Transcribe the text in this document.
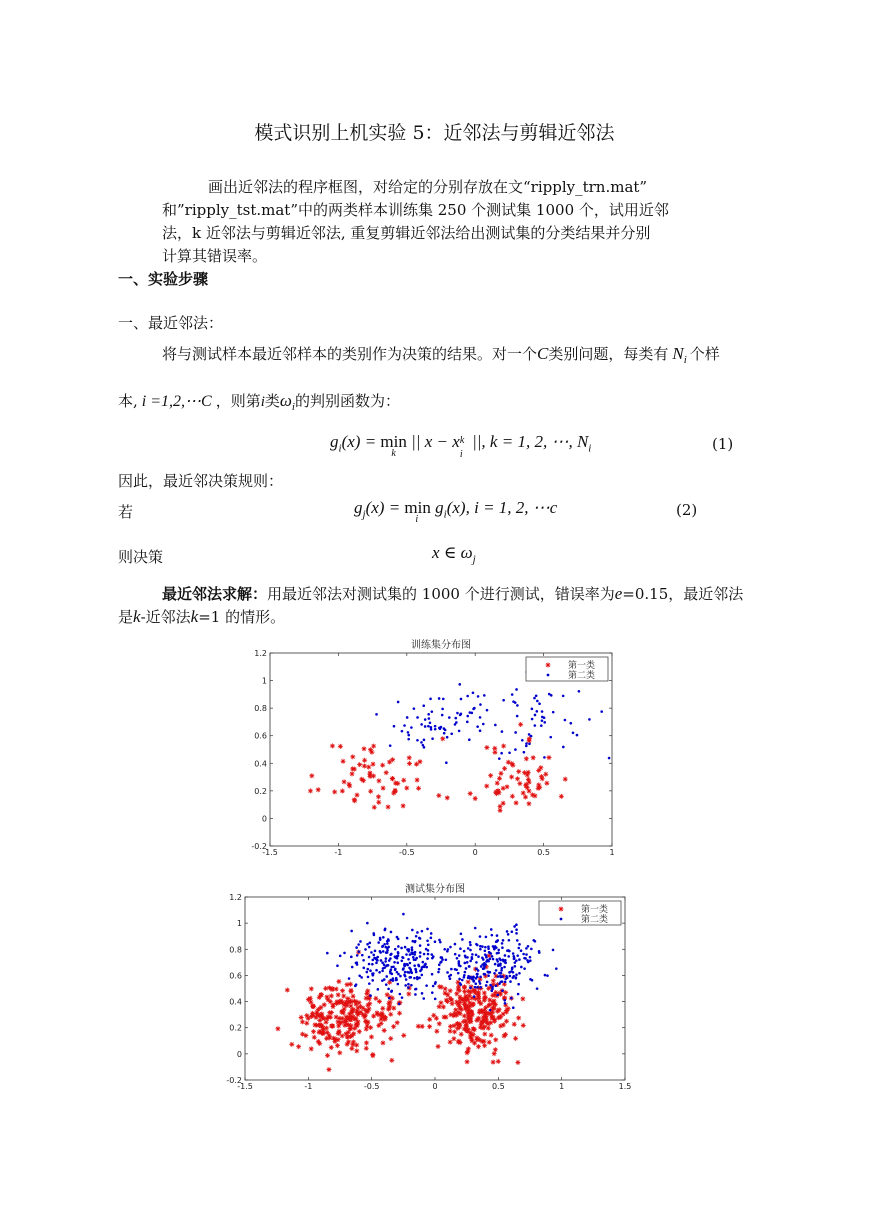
模式识别上机实验 5：近邻法与剪辑近邻法
画出近邻法的程序框图，对给定的分别存放在文“ripply_trn.mat”
和”ripply_tst.mat”中的两类样本训练集 250 个测试集 1000 个，试用近邻
法，k 近邻法与剪辑近邻法, 重复剪辑近邻法给出测试集的分类结果并分别
计算其错误率。
一、实验步骤
一、最近邻法：
将与测试样本最近邻样本的类别作为决策的结果。对一个C类别问题，每类有 $N_i$ 个样
本, i =1,2,⋯C ，则第i类$\omega_i$的判别函数为：
$g_i(x) = \min$
k
|| x − x k
i
||, k = 1, 2, ⋯, $N_i$	(1)
因此，最近邻决策规则：
若	$g_j(x) = \min$
i
$g_i(x)$, i = 1, 2, ⋯c	(2)
则决策	x ∈ $\omega_j$
最近邻法求解：用最近邻法对测试集的 1000 个进行测试，错误率为e=0.15，最近邻法
是k-近邻法k=1 的情形。
训练集分布图
-1.5	-1	-0.5	0	0.5	1
1.2
1
0.8
0.6
0.4
0.2
0
-0.2
第一类
第二类
测试集分布图
-1.5	-1	-0.5	0	0.5	1	1.5
1.2
1
0.8
0.6
0.4
0.2
0
-0.2
第一类
第二类
